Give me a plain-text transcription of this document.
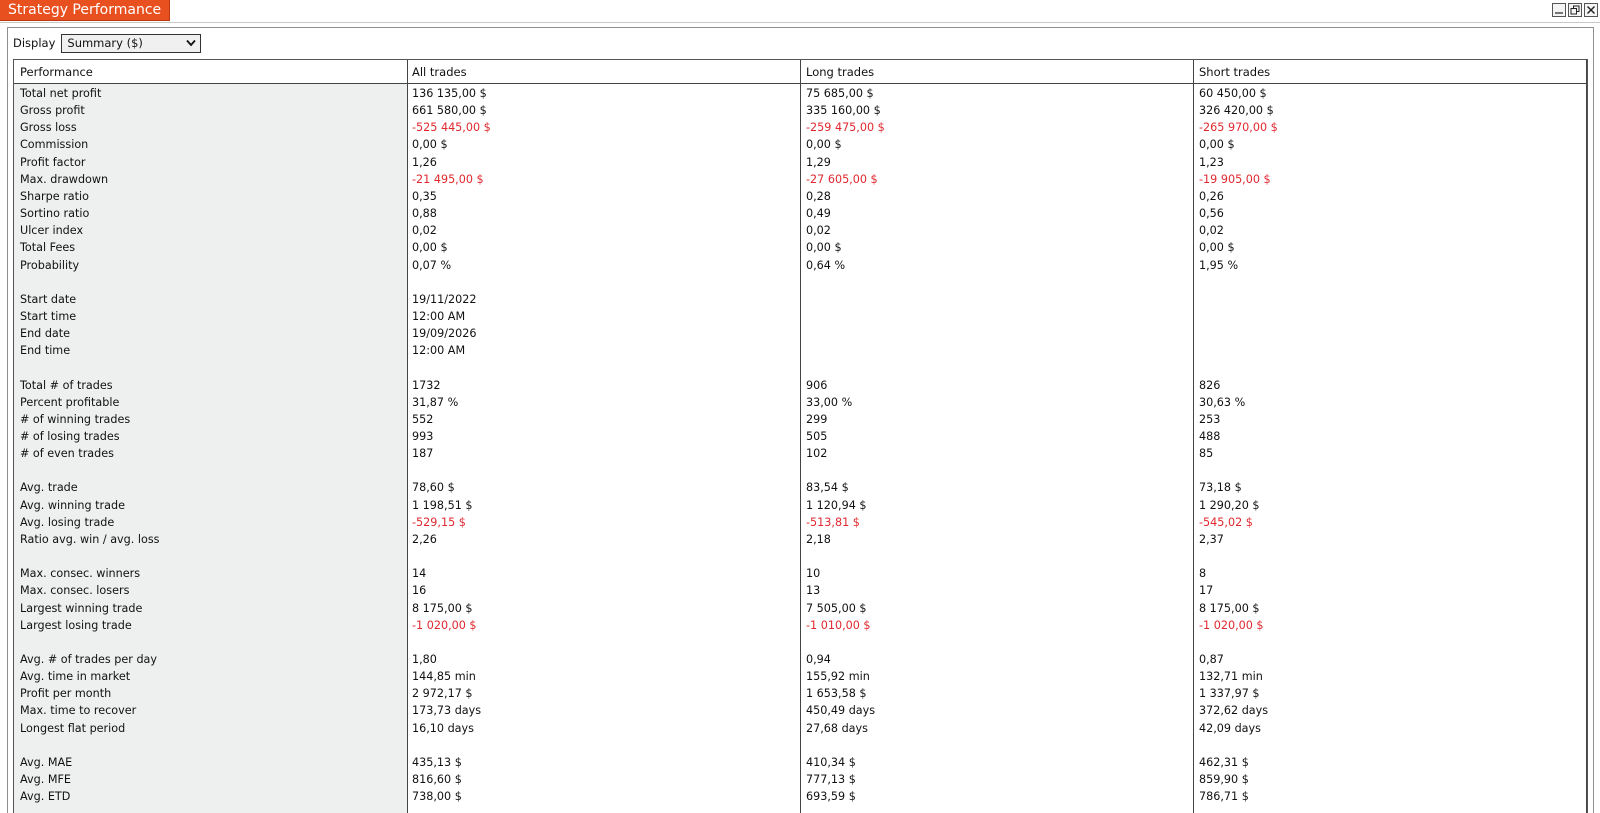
Strategy Performance
Display Summary ($)
Performance	All trades	Long trades	Short trades
Total net profit	136 135,00 $	75 685,00 $	60 450,00 $
Gross profit	661 580,00 $	335 160,00 $	326 420,00 $
Gross loss	-525 445,00 $	-259 475,00 $	-265 970,00 $
Commission	0,00 $	0,00 $	0,00 $
Profit factor	1,26	1,29	1,23
Max. drawdown	-21 495,00 $	-27 605,00 $	-19 905,00 $
Sharpe ratio	0,35	0,28	0,26
Sortino ratio	0,88	0,49	0,56
Ulcer index	0,02	0,02	0,02
Total Fees	0,00 $	0,00 $	0,00 $
Probability	0,07 %	0,64 %	1,95 %
Start date	19/11/2022
Start time	12:00 AM
End date	19/09/2026
End time	12:00 AM
Total # of trades	1732	906	826
Percent profitable	31,87 %	33,00 %	30,63 %
# of winning trades	552	299	253
# of losing trades	993	505	488
# of even trades	187	102	85
Avg. trade	78,60 $	83,54 $	73,18 $
Avg. winning trade	1 198,51 $	1 120,94 $	1 290,20 $
Avg. losing trade	-529,15 $	-513,81 $	-545,02 $
Ratio avg. win / avg. loss	2,26	2,18	2,37
Max. consec. winners	14	10	8
Max. consec. losers	16	13	17
Largest winning trade	8 175,00 $	7 505,00 $	8 175,00 $
Largest losing trade	-1 020,00 $	-1 010,00 $	-1 020,00 $
Avg. # of trades per day	1,80	0,94	0,87
Avg. time in market	144,85 min	155,92 min	132,71 min
Profit per month	2 972,17 $	1 653,58 $	1 337,97 $
Max. time to recover	173,73 days	450,49 days	372,62 days
Longest flat period	16,10 days	27,68 days	42,09 days
Avg. MAE	435,13 $	410,34 $	462,31 $
Avg. MFE	816,60 $	777,13 $	859,90 $
Avg. ETD	738,00 $	693,59 $	786,71 $
